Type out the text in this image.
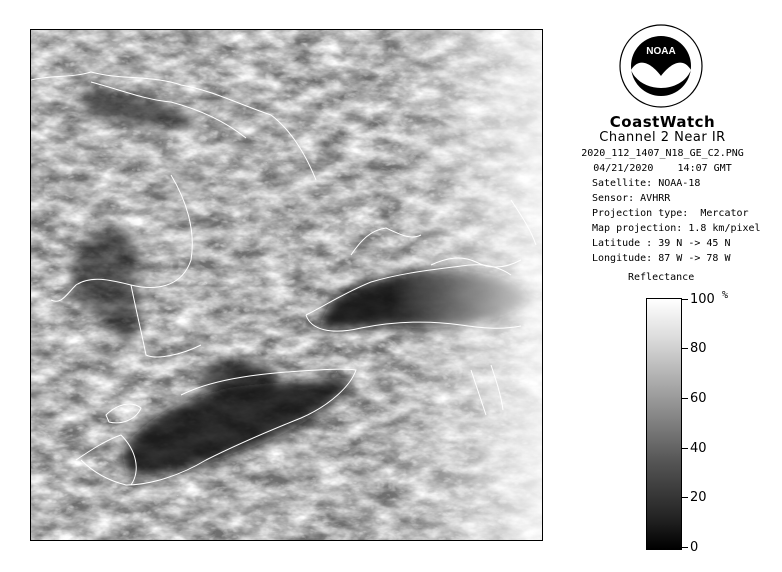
NOAA
CoastWatch
Channel 2 Near IR
2020_112_1407_N18_GE_C2.PNG
04/21/2020    14:07 GMT
Satellite: NOAA-18
Sensor: AVHRR
Projection type:  Mercator
Map projection: 1.8 km/pixel
Latitude : 39 N -> 45 N
Longitude: 87 W -> 78 W
Reflectance
%
100
80
60
40
20
0
